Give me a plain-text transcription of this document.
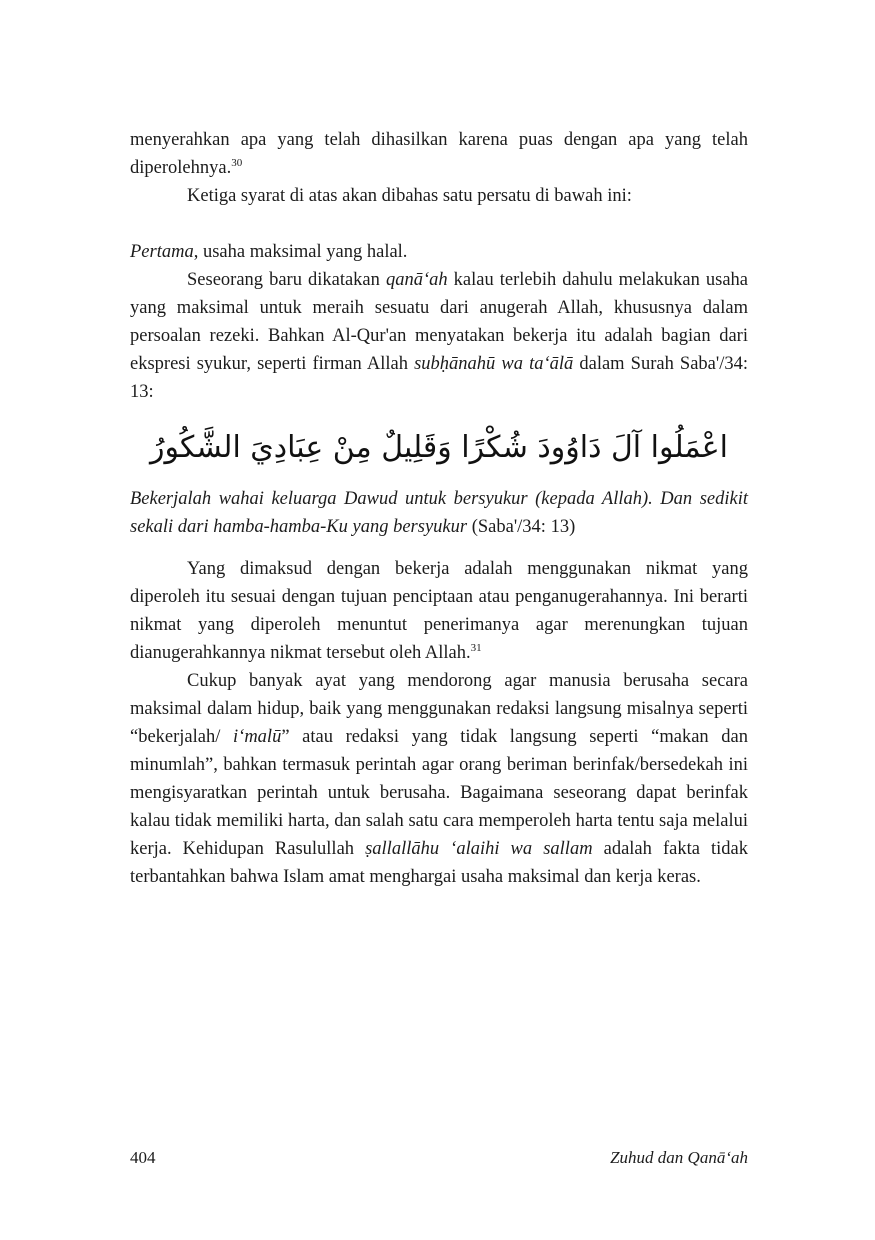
menyerahkan apa yang telah dihasilkan karena puas dengan apa yang telah diperolehnya.$^{30}$

Ketiga syarat di atas akan dibahas satu persatu di bawah ini:

Pertama, usaha maksimal yang halal.

Seseorang baru dikatakan qanā‘ah kalau terlebih dahulu melakukan usaha yang maksimal untuk meraih sesuatu dari anugerah Allah, khususnya dalam persoalan rezeki. Bahkan Al-Qur'an menyatakan bekerja itu adalah bagian dari ekspresi syukur, seperti firman Allah subḥānahū wa ta‘ālā dalam Surah Saba'/34: 13:

اعْمَلُوا آلَ دَاوُودَ شُكْرًا وَقَلِيلٌ مِنْ عِبَادِيَ الشَّكُورُ

Bekerjalah wahai keluarga Dawud untuk bersyukur (kepada Allah). Dan sedikit sekali dari hamba-hamba-Ku yang bersyukur (Saba'/34: 13)

Yang dimaksud dengan bekerja adalah menggunakan nikmat yang diperoleh itu sesuai dengan tujuan penciptaan atau penganugerahannya. Ini berarti nikmat yang diperoleh menuntut penerimanya agar merenungkan tujuan dianugerahkannya nikmat tersebut oleh Allah.$^{31}$

Cukup banyak ayat yang mendorong agar manusia berusaha secara maksimal dalam hidup, baik yang menggunakan redaksi langsung misalnya seperti “bekerjalah/ i‘malū” atau redaksi yang tidak langsung seperti “makan dan minumlah”, bahkan termasuk perintah agar orang beriman berinfak/bersedekah ini mengisyaratkan perintah untuk berusaha. Bagaimana seseorang dapat berinfak kalau tidak memiliki harta, dan salah satu cara memperoleh harta tentu saja melalui kerja. Kehidupan Rasulullah ṣallallāhu ‘alaihi wa sallam adalah fakta tidak terbantahkan bahwa Islam amat menghargai usaha maksimal dan kerja keras.

404	Zuhud dan Qanā‘ah
